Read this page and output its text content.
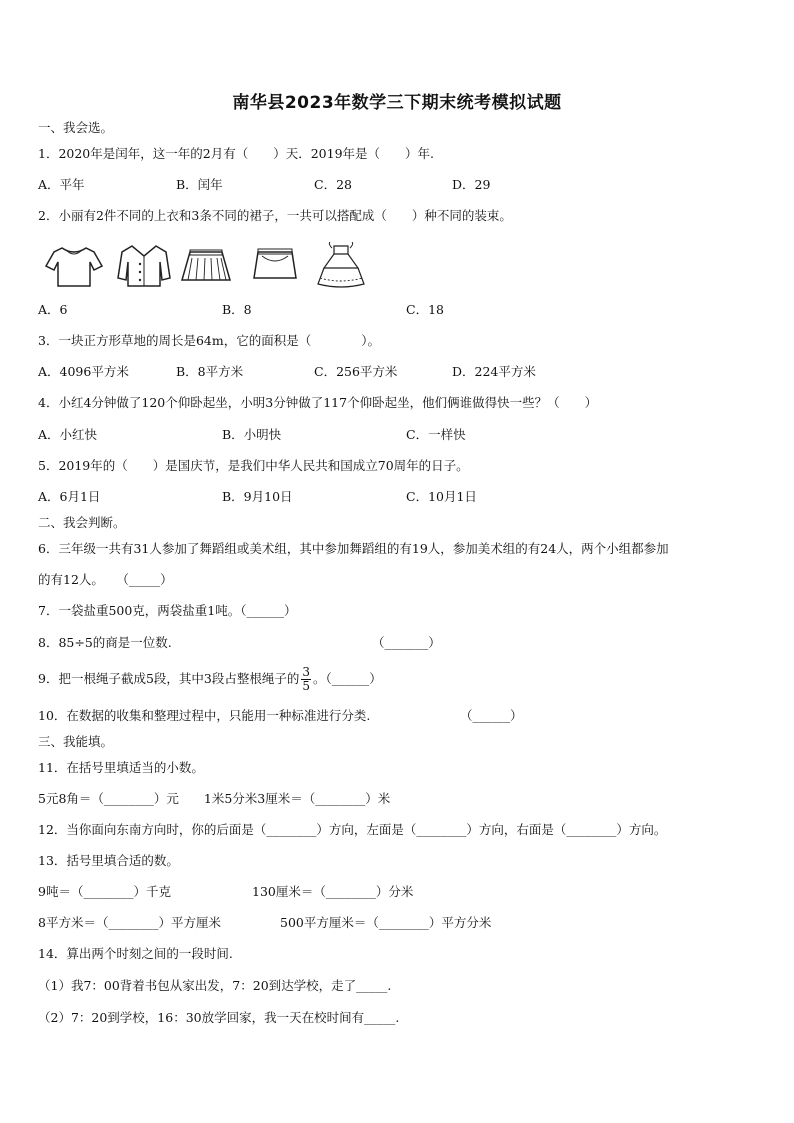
南华县2023年数学三下期末统考模拟试题
一、我会选。
1．2020年是闰年，这一年的2月有（　　）天．2019年是（　　）年.
A．平年	B．闰年	C．28	D．29
2．小丽有2件不同的上衣和3条不同的裙子，一共可以搭配成（　　）种不同的装束。
A．6	B．8	C．18
3．一块正方形草地的周长是64m，它的面积是（　　　　）。
A．4096平方米	B．8平方米	C．256平方米	D．224平方米
4．小红4分钟做了120个仰卧起坐，小明3分钟做了117个仰卧起坐，他们俩谁做得快一些？（　　）
A．小红快	B．小明快	C．一样快
5．2019年的（　　）是国庆节，是我们中华人民共和国成立70周年的日子。
A．6月1日	B．9月10日	C．10月1日
二、我会判断。
6．三年级一共有31人参加了舞蹈组或美术组，其中参加舞蹈组的有19人，参加美术组的有24人，两个小组都参加
的有12人。　　（_____）
7．一袋盐重500克，两袋盐重1吨。（______）
8．85÷5的商是一位数.	（_______）
9．把一根绳子截成5段，其中3段占整根绳子的 $\frac{3}{5}$ 。（______）
10．在数据的收集和整理过程中，只能用一种标准进行分类.	（______）
三、我能填。
11．在括号里填适当的小数。
5元8角＝（________）元　　1米5分米3厘米＝（________）米
12．当你面向东南方向时，你的后面是（________）方向，左面是（________）方向，右面是（________）方向。
13．括号里填合适的数。
9吨＝（________）千克	130厘米＝（________）分米
8平方米＝（________）平方厘米	500平方厘米＝（________）平方分米
14．算出两个时刻之间的一段时间.
（1）我7：00背着书包从家出发，7：20到达学校，走了_____.
（2）7：20到学校，16：30放学回家，我一天在校时间有_____.
